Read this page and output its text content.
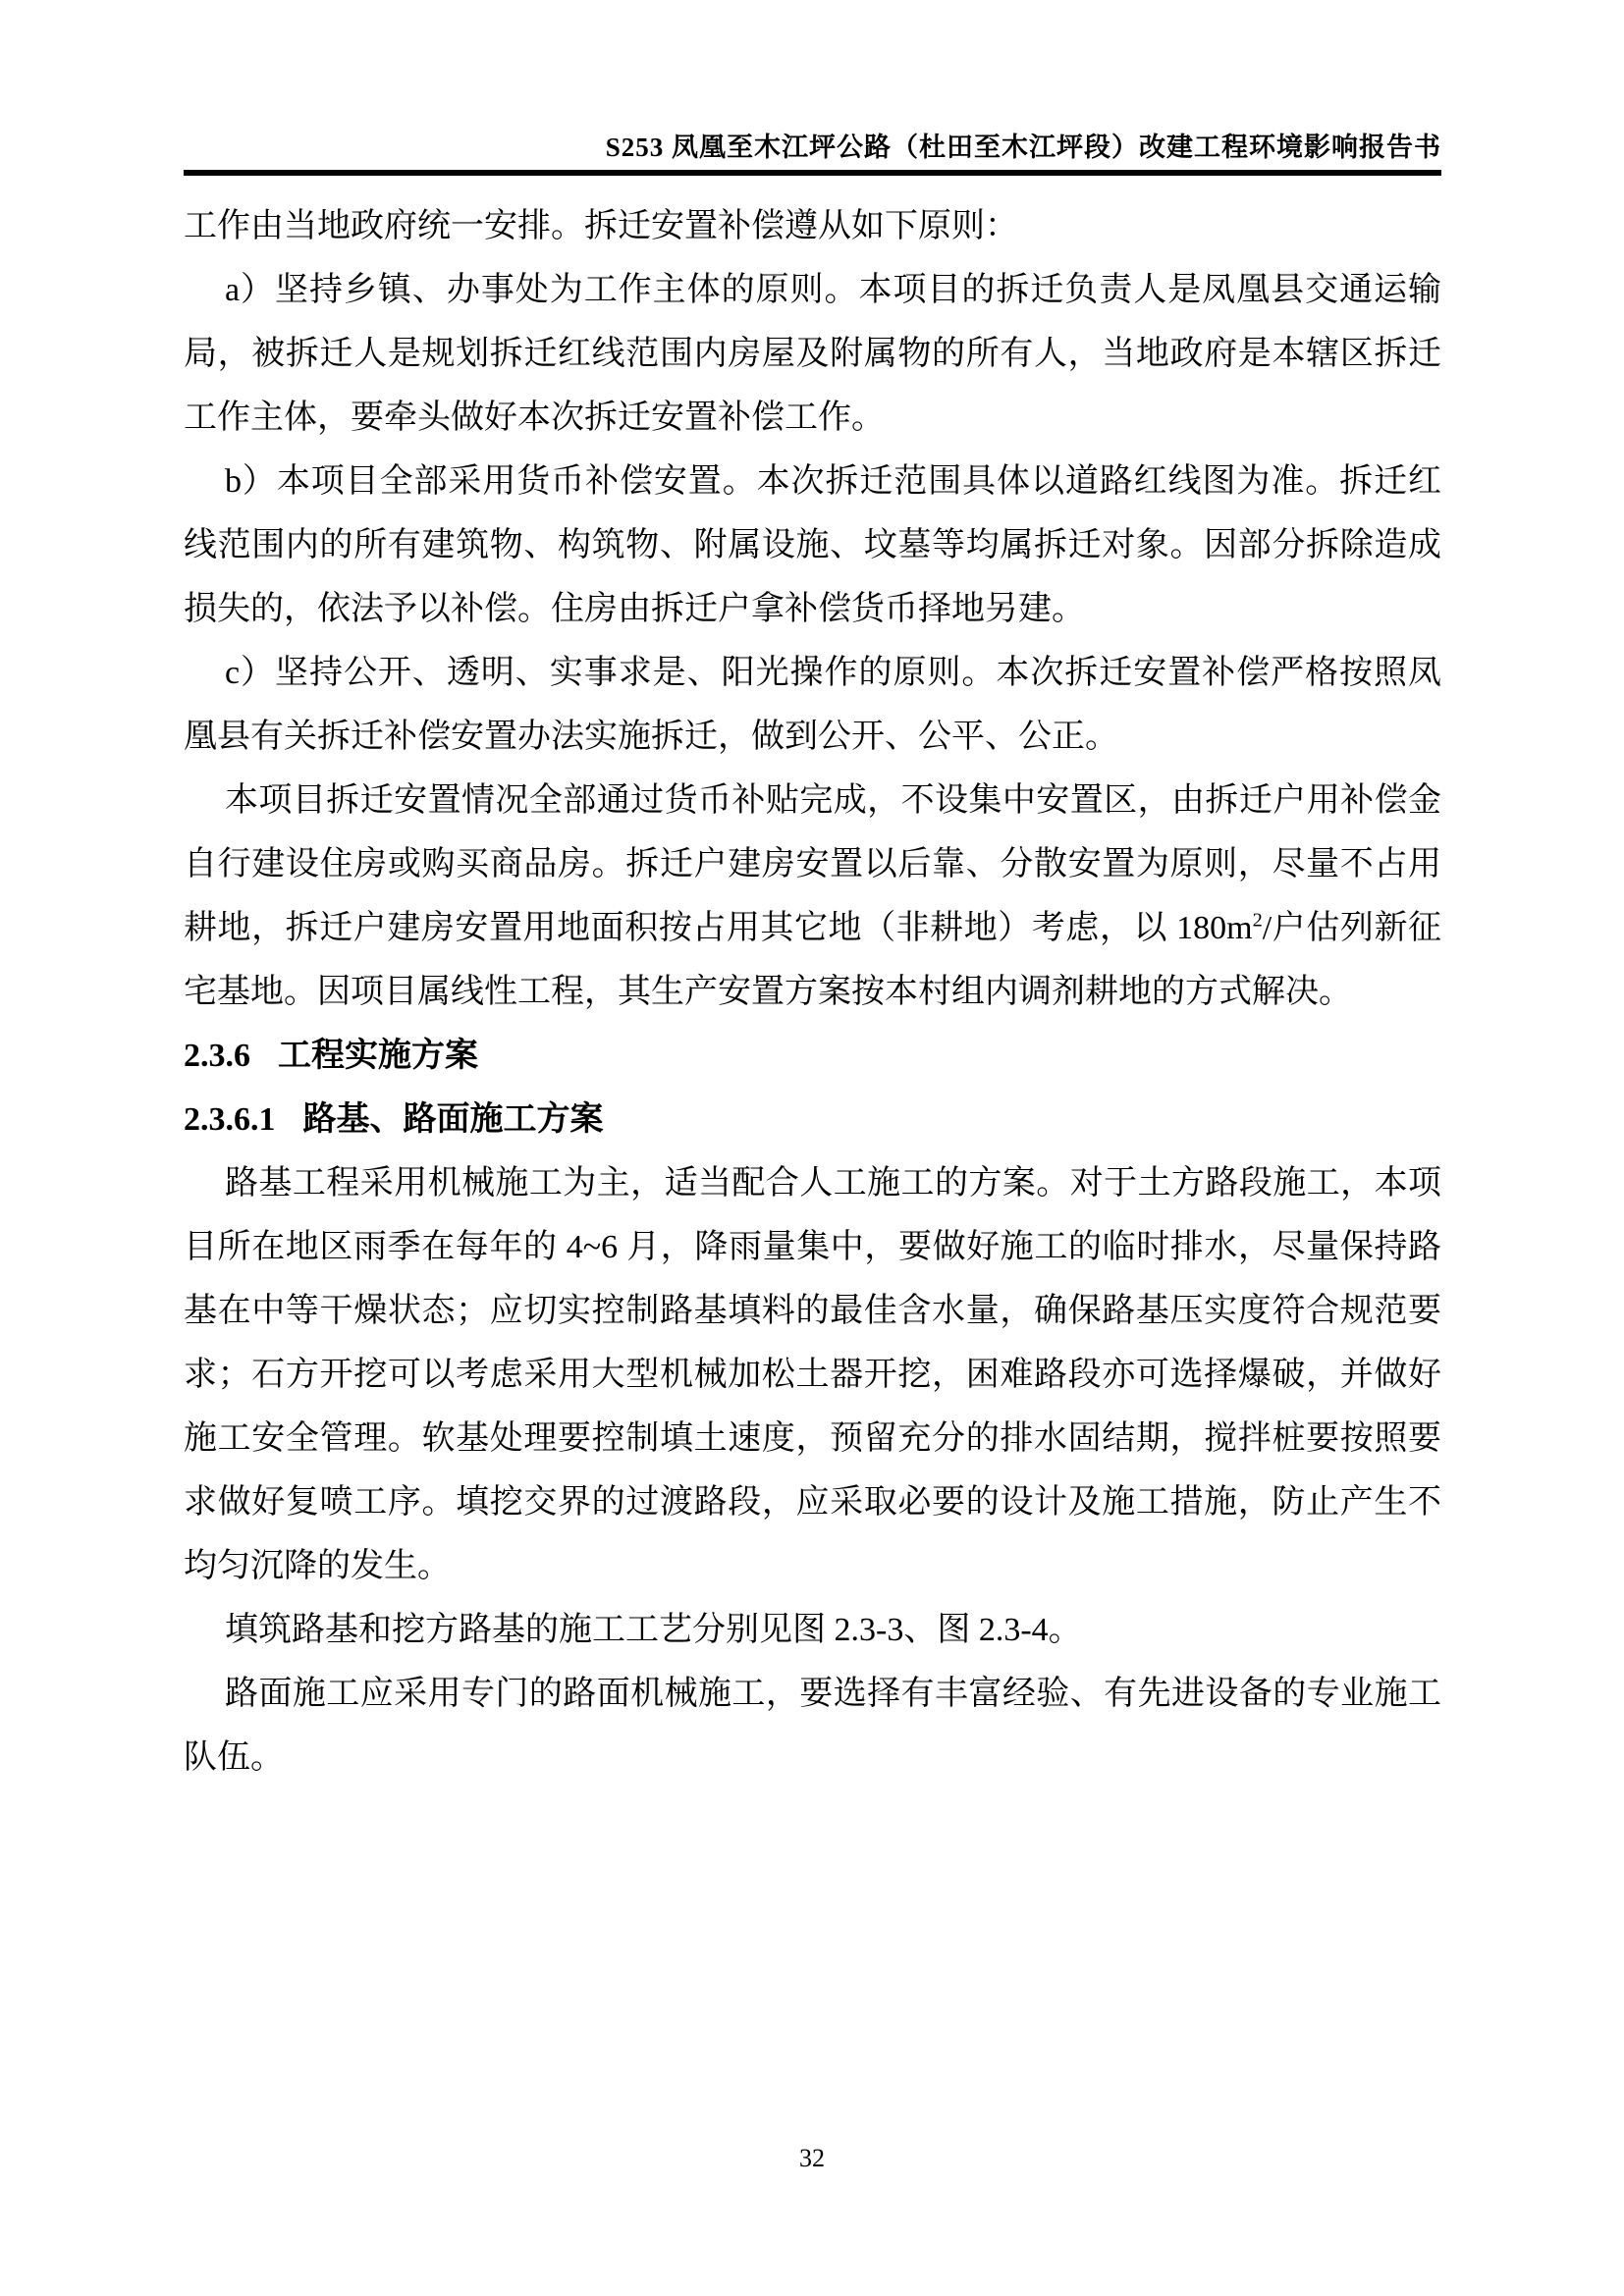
S253 凤凰至木江坪公路（杜田至木江坪段）改建工程环境影响报告书

工作由当地政府统一安排。拆迁安置补偿遵从如下原则：

a）坚持乡镇、办事处为工作主体的原则。本项目的拆迁负责人是凤凰县交通运输局，被拆迁人是规划拆迁红线范围内房屋及附属物的所有人，当地政府是本辖区拆迁工作主体，要牵头做好本次拆迁安置补偿工作。

b）本项目全部采用货币补偿安置。本次拆迁范围具体以道路红线图为准。拆迁红线范围内的所有建筑物、构筑物、附属设施、坟墓等均属拆迁对象。因部分拆除造成损失的，依法予以补偿。住房由拆迁户拿补偿货币择地另建。

c）坚持公开、透明、实事求是、阳光操作的原则。本次拆迁安置补偿严格按照凤凰县有关拆迁补偿安置办法实施拆迁，做到公开、公平、公正。

本项目拆迁安置情况全部通过货币补贴完成，不设集中安置区，由拆迁户用补偿金自行建设住房或购买商品房。拆迁户建房安置以后靠、分散安置为原则，尽量不占用耕地，拆迁户建房安置用地面积按占用其它地（非耕地）考虑，以 $180m^2/$户估列新征宅基地。因项目属线性工程，其生产安置方案按本村组内调剂耕地的方式解决。

2.3.6 工程实施方案

2.3.6.1 路基、路面施工方案

路基工程采用机械施工为主，适当配合人工施工的方案。对于土方路段施工，本项目所在地区雨季在每年的 4~6 月，降雨量集中，要做好施工的临时排水，尽量保持路基在中等干燥状态；应切实控制路基填料的最佳含水量，确保路基压实度符合规范要求；石方开挖可以考虑采用大型机械加松土器开挖，困难路段亦可选择爆破，并做好施工安全管理。软基处理要控制填土速度，预留充分的排水固结期，搅拌桩要按照要求做好复喷工序。填挖交界的过渡路段，应采取必要的设计及施工措施，防止产生不均匀沉降的发生。

填筑路基和挖方路基的施工工艺分别见图 2.3-3、图 2.3-4。

路面施工应采用专门的路面机械施工，要选择有丰富经验、有先进设备的专业施工队伍。

32
